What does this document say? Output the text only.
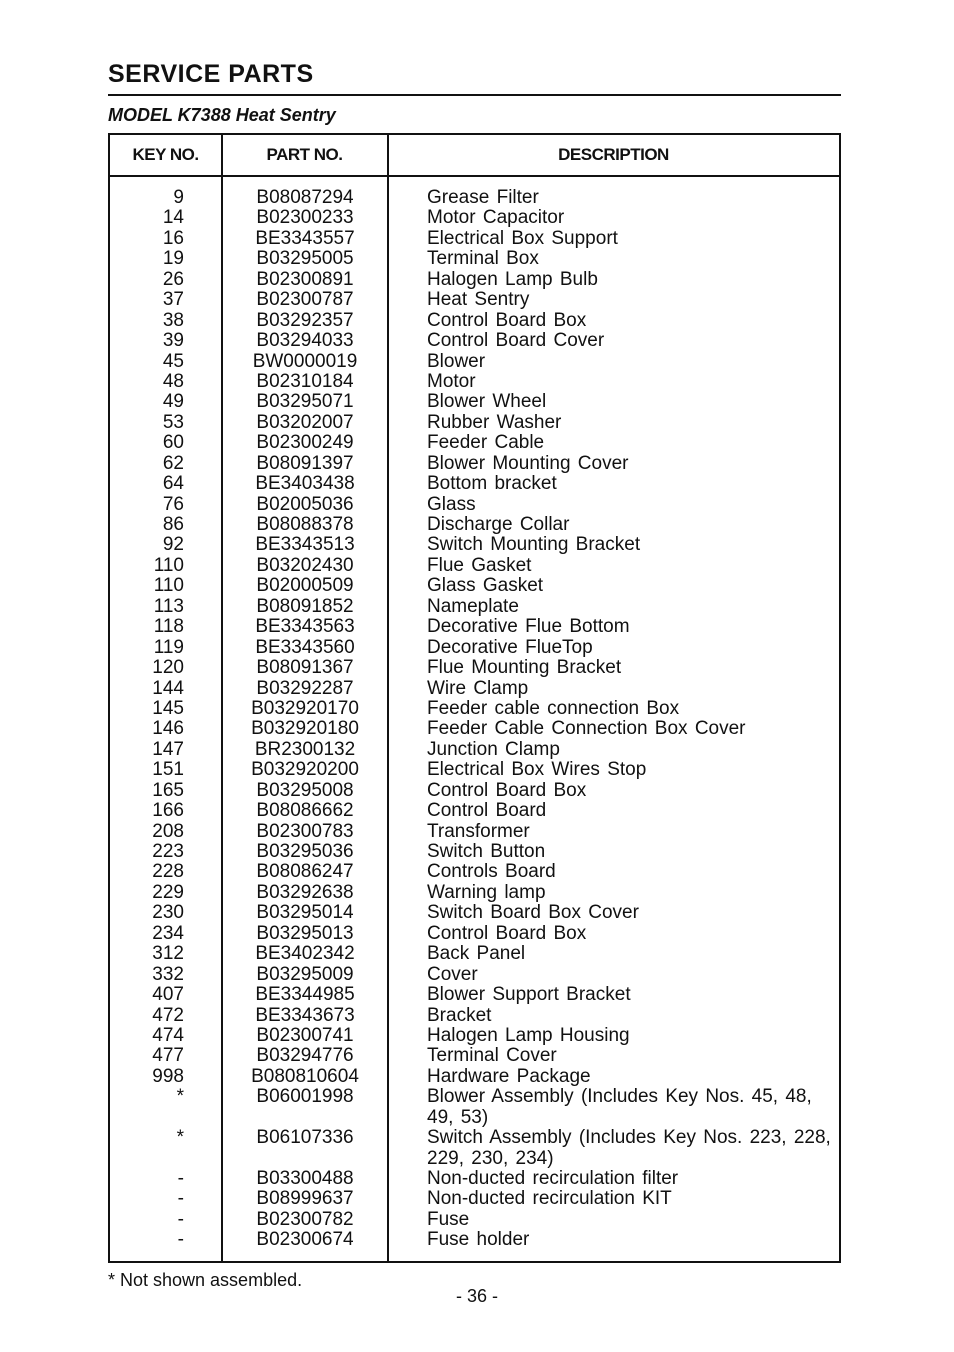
SERVICE PARTS
MODEL K7388 Heat Sentry
KEY NO.	PART NO.	DESCRIPTION
9	B08087294	Grease Filter
14	B02300233	Motor Capacitor
16	BE3343557	Electrical Box Support
19	B03295005	Terminal Box
26	B02300891	Halogen Lamp Bulb
37	B02300787	Heat Sentry
38	B03292357	Control Board Box
39	B03294033	Control Board Cover
45	BW0000019	Blower
48	B02310184	Motor
49	B03295071	Blower Wheel
53	B03202007	Rubber Washer
60	B02300249	Feeder Cable
62	B08091397	Blower Mounting Cover
64	BE3403438	Bottom bracket
76	B02005036	Glass
86	B08088378	Discharge Collar
92	BE3343513	Switch Mounting Bracket
110	B03202430	Flue Gasket
110	B02000509	Glass Gasket
113	B08091852	Nameplate
118	BE3343563	Decorative Flue Bottom
119	BE3343560	Decorative FlueTop
120	B08091367	Flue Mounting Bracket
144	B03292287	Wire Clamp
145	B032920170	Feeder cable connection Box
146	B032920180	Feeder Cable Connection Box Cover
147	BR2300132	Junction Clamp
151	B032920200	Electrical Box Wires Stop
165	B03295008	Control Board Box
166	B08086662	Control Board
208	B02300783	Transformer
223	B03295036	Switch Button
228	B08086247	Controls Board
229	B03292638	Warning lamp
230	B03295014	Switch Board Box Cover
234	B03295013	Control Board Box
312	BE3402342	Back Panel
332	B03295009	Cover
407	BE3344985	Blower Support Bracket
472	BE3343673	Bracket
474	B02300741	Halogen Lamp Housing
477	B03294776	Terminal Cover
998	B080810604	Hardware Package
*	B06001998	Blower Assembly (Includes Key Nos. 45, 48, 49, 53)
*	B06107336	Switch Assembly (Includes Key Nos. 223, 228, 229, 230, 234)
-	B03300488	Non-ducted recirculation filter
-	B08999637	Non-ducted recirculation KIT
-	B02300782	Fuse
-	B02300674	Fuse holder
* Not shown assembled.
- 36 -
